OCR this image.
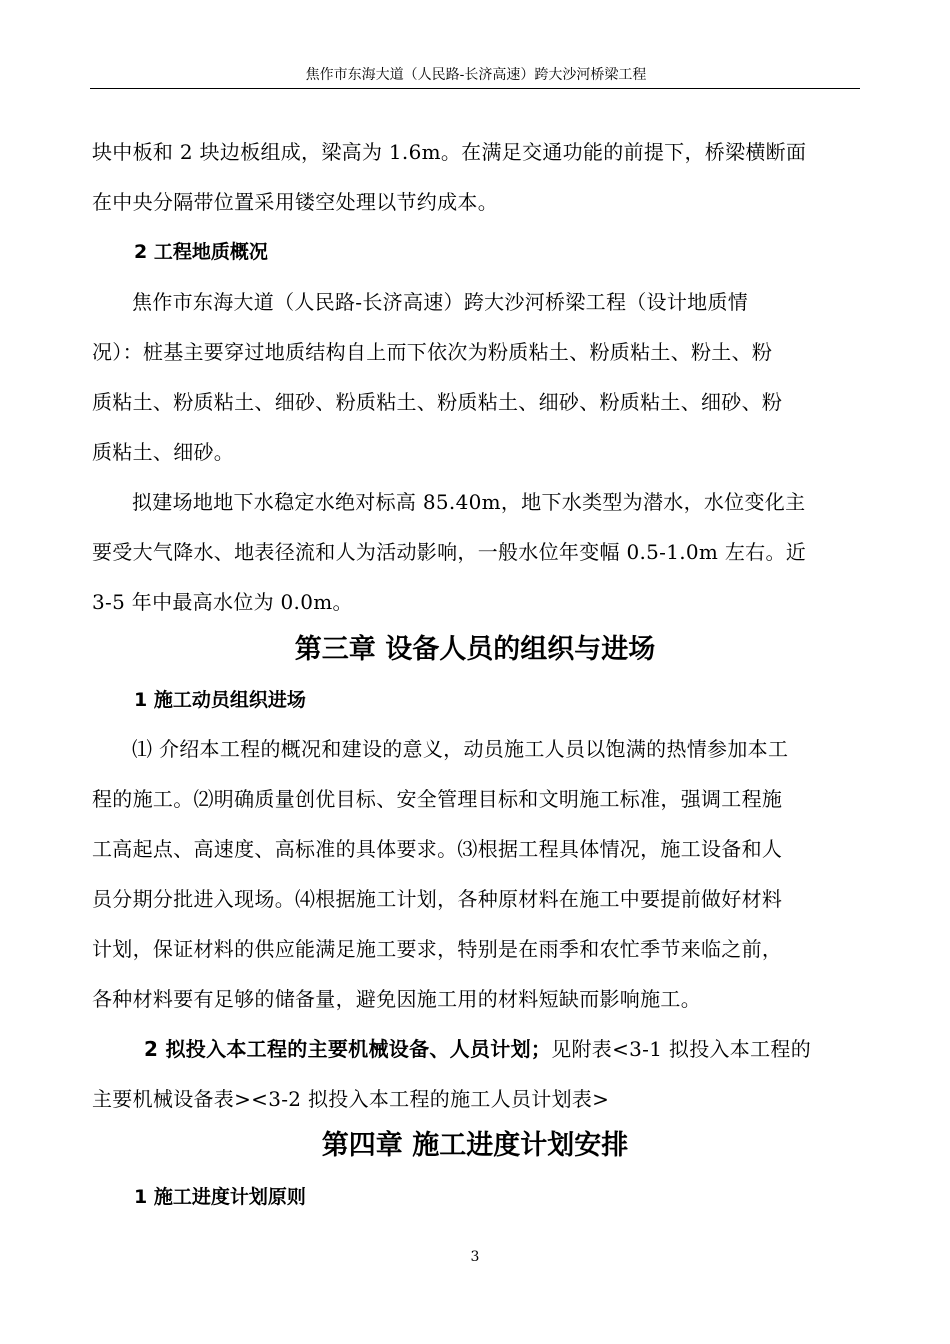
焦作市东海大道（人民路-长济高速）跨大沙河桥梁工程
块中板和 2 块边板组成，梁高为 1.6m。在满足交通功能的前提下，桥梁横断面
在中央分隔带位置采用镂空处理以节约成本。
2 工程地质概况
焦作市东海大道（人民路-长济高速）跨大沙河桥梁工程（设计地质情
况）：桩基主要穿过地质结构自上而下依次为粉质粘土、粉质粘土、粉土、粉
质粘土、粉质粘土、细砂、粉质粘土、粉质粘土、细砂、粉质粘土、细砂、粉
质粘土、细砂。
拟建场地地下水稳定水绝对标高 85.40m，地下水类型为潜水，水位变化主
要受大气降水、地表径流和人为活动影响，一般水位年变幅 0.5-1.0m 左右。近
3-5 年中最高水位为 0.0m。
第三章 设备人员的组织与进场
1 施工动员组织进场
⑴ 介绍本工程的概况和建设的意义，动员施工人员以饱满的热情参加本工
程的施工。⑵明确质量创优目标、安全管理目标和文明施工标准，强调工程施
工高起点、高速度、高标准的具体要求。⑶根据工程具体情况，施工设备和人
员分期分批进入现场。⑷根据施工计划，各种原材料在施工中要提前做好材料
计划，保证材料的供应能满足施工要求，特别是在雨季和农忙季节来临之前，
各种材料要有足够的储备量，避免因施工用的材料短缺而影响施工。
2 拟投入本工程的主要机械设备、人员计划；见附表<3-1 拟投入本工程的
主要机械设备表><3-2 拟投入本工程的施工人员计划表>
第四章 施工进度计划安排
1 施工进度计划原则
3
